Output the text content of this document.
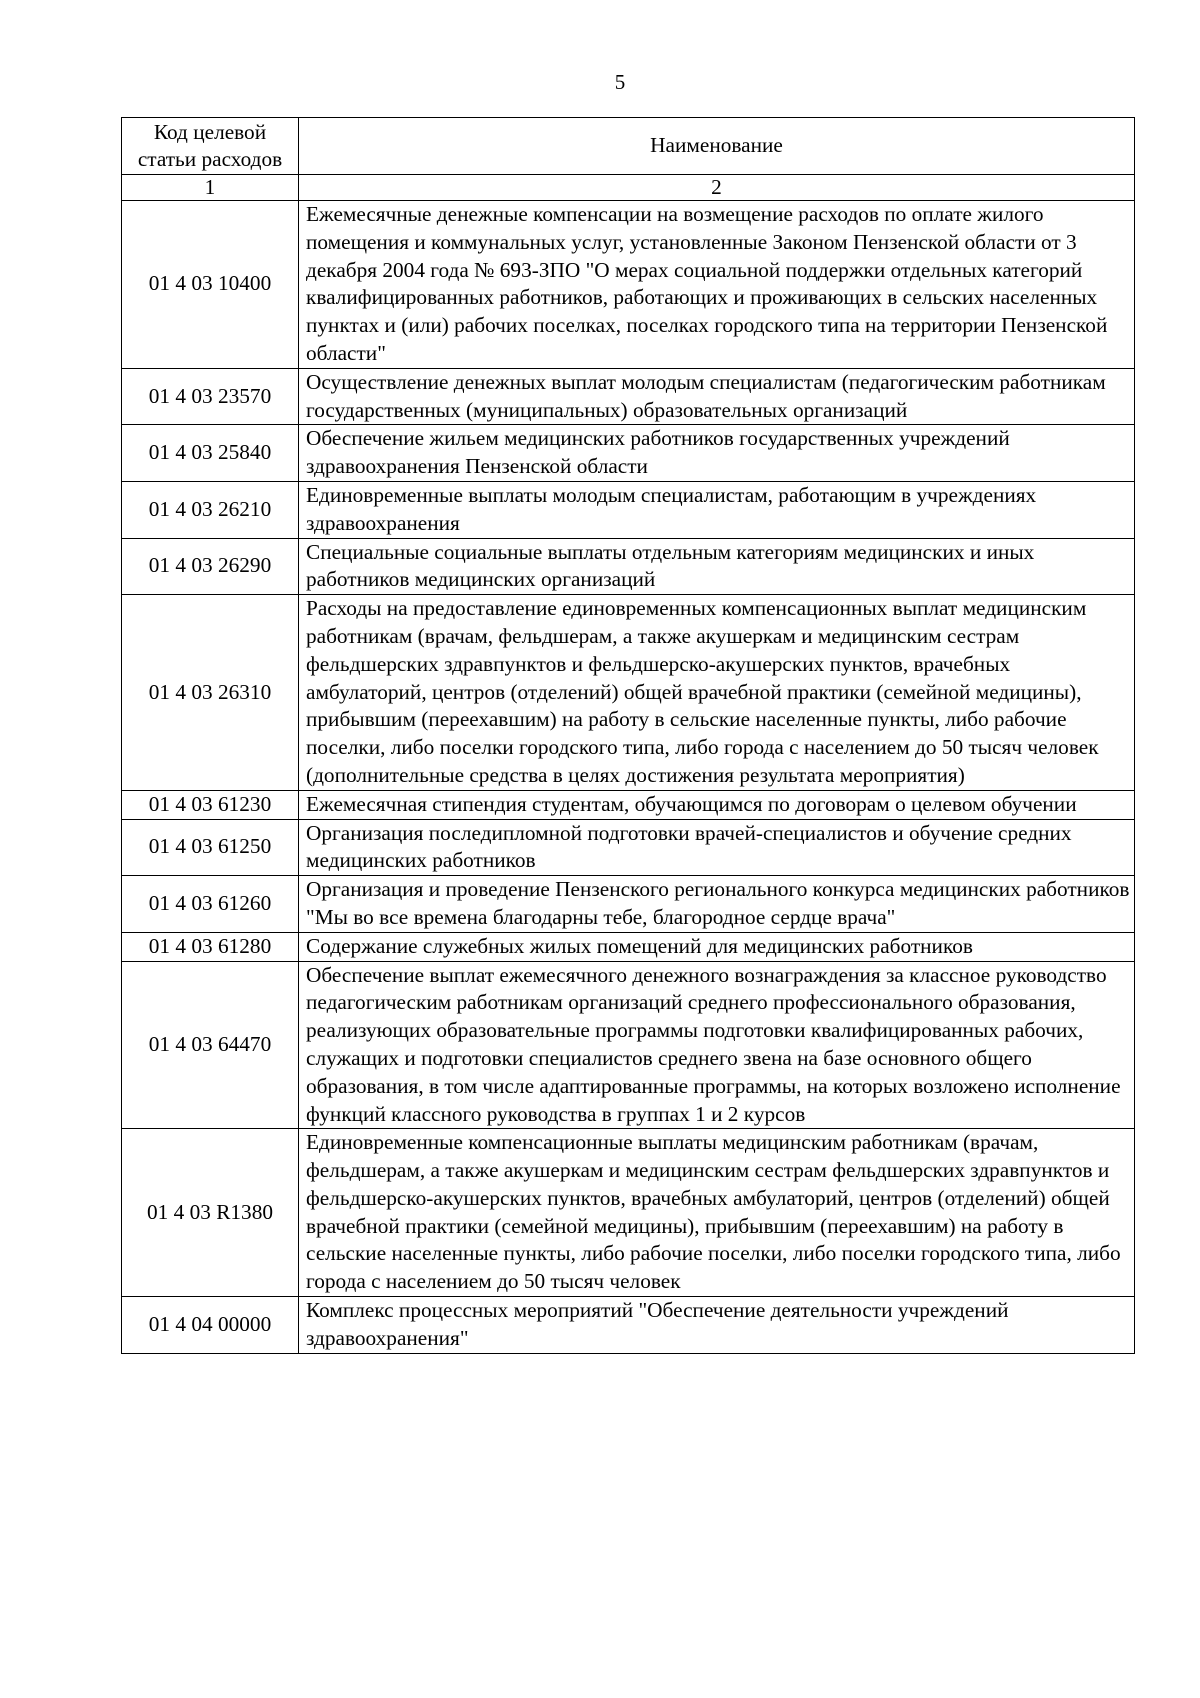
5
Код целевой статьи расходов	Наименование
1	2
01 4 03 10400	Ежемесячные денежные компенсации на возмещение расходов по оплате жилого помещения и коммунальных услуг, установленные Законом Пензенской области от 3 декабря 2004 года № 693-ЗПО "О мерах социальной поддержки отдельных категорий квалифицированных работников, работающих и проживающих в сельских населенных пунктах и (или) рабочих поселках, поселках городского типа на территории Пензенской области"
01 4 03 23570	Осуществление денежных выплат молодым специалистам (педагогическим работникам государственных (муниципальных) образовательных организаций
01 4 03 25840	Обеспечение жильем медицинских работников государственных учреждений здравоохранения Пензенской области
01 4 03 26210	Единовременные выплаты молодым специалистам, работающим в учреждениях здравоохранения
01 4 03 26290	Специальные социальные выплаты отдельным категориям медицинских и иных работников медицинских организаций
01 4 03 26310	Расходы на предоставление единовременных компенсационных выплат медицинским работникам (врачам, фельдшерам, а также акушеркам и медицинским сестрам фельдшерских здравпунктов и фельдшерско-акушерских пунктов, врачебных амбулаторий, центров (отделений) общей врачебной практики (семейной медицины), прибывшим (переехавшим) на работу в сельские населенные пункты, либо рабочие поселки, либо поселки городского типа, либо города с населением до 50 тысяч человек (дополнительные средства в целях достижения результата мероприятия)
01 4 03 61230	Ежемесячная стипендия студентам, обучающимся по договорам о целевом обучении
01 4 03 61250	Организация последипломной подготовки врачей-специалистов и обучение средних медицинских работников
01 4 03 61260	Организация и проведение Пензенского регионального конкурса медицинских работников "Мы во все времена благодарны тебе, благородное сердце врача"
01 4 03 61280	Содержание служебных жилых помещений для медицинских работников
01 4 03 64470	Обеспечение выплат ежемесячного денежного вознаграждения за классное руководство педагогическим работникам организаций среднего профессионального образования, реализующих образовательные программы подготовки квалифицированных рабочих, служащих и подготовки специалистов среднего звена на базе основного общего образования, в том числе адаптированные программы, на которых возложено исполнение функций классного руководства в группах 1 и 2 курсов
01 4 03 R1380	Единовременные компенсационные выплаты медицинским работникам (врачам, фельдшерам, а также акушеркам и медицинским сестрам фельдшерских здравпунктов и фельдшерско-акушерских пунктов, врачебных амбулаторий, центров (отделений) общей врачебной практики (семейной медицины), прибывшим (переехавшим) на работу в сельские населенные пункты, либо рабочие поселки, либо поселки городского типа, либо города с населением до 50 тысяч человек
01 4 04 00000	Комплекс процессных мероприятий "Обеспечение деятельности учреждений здравоохранения"
